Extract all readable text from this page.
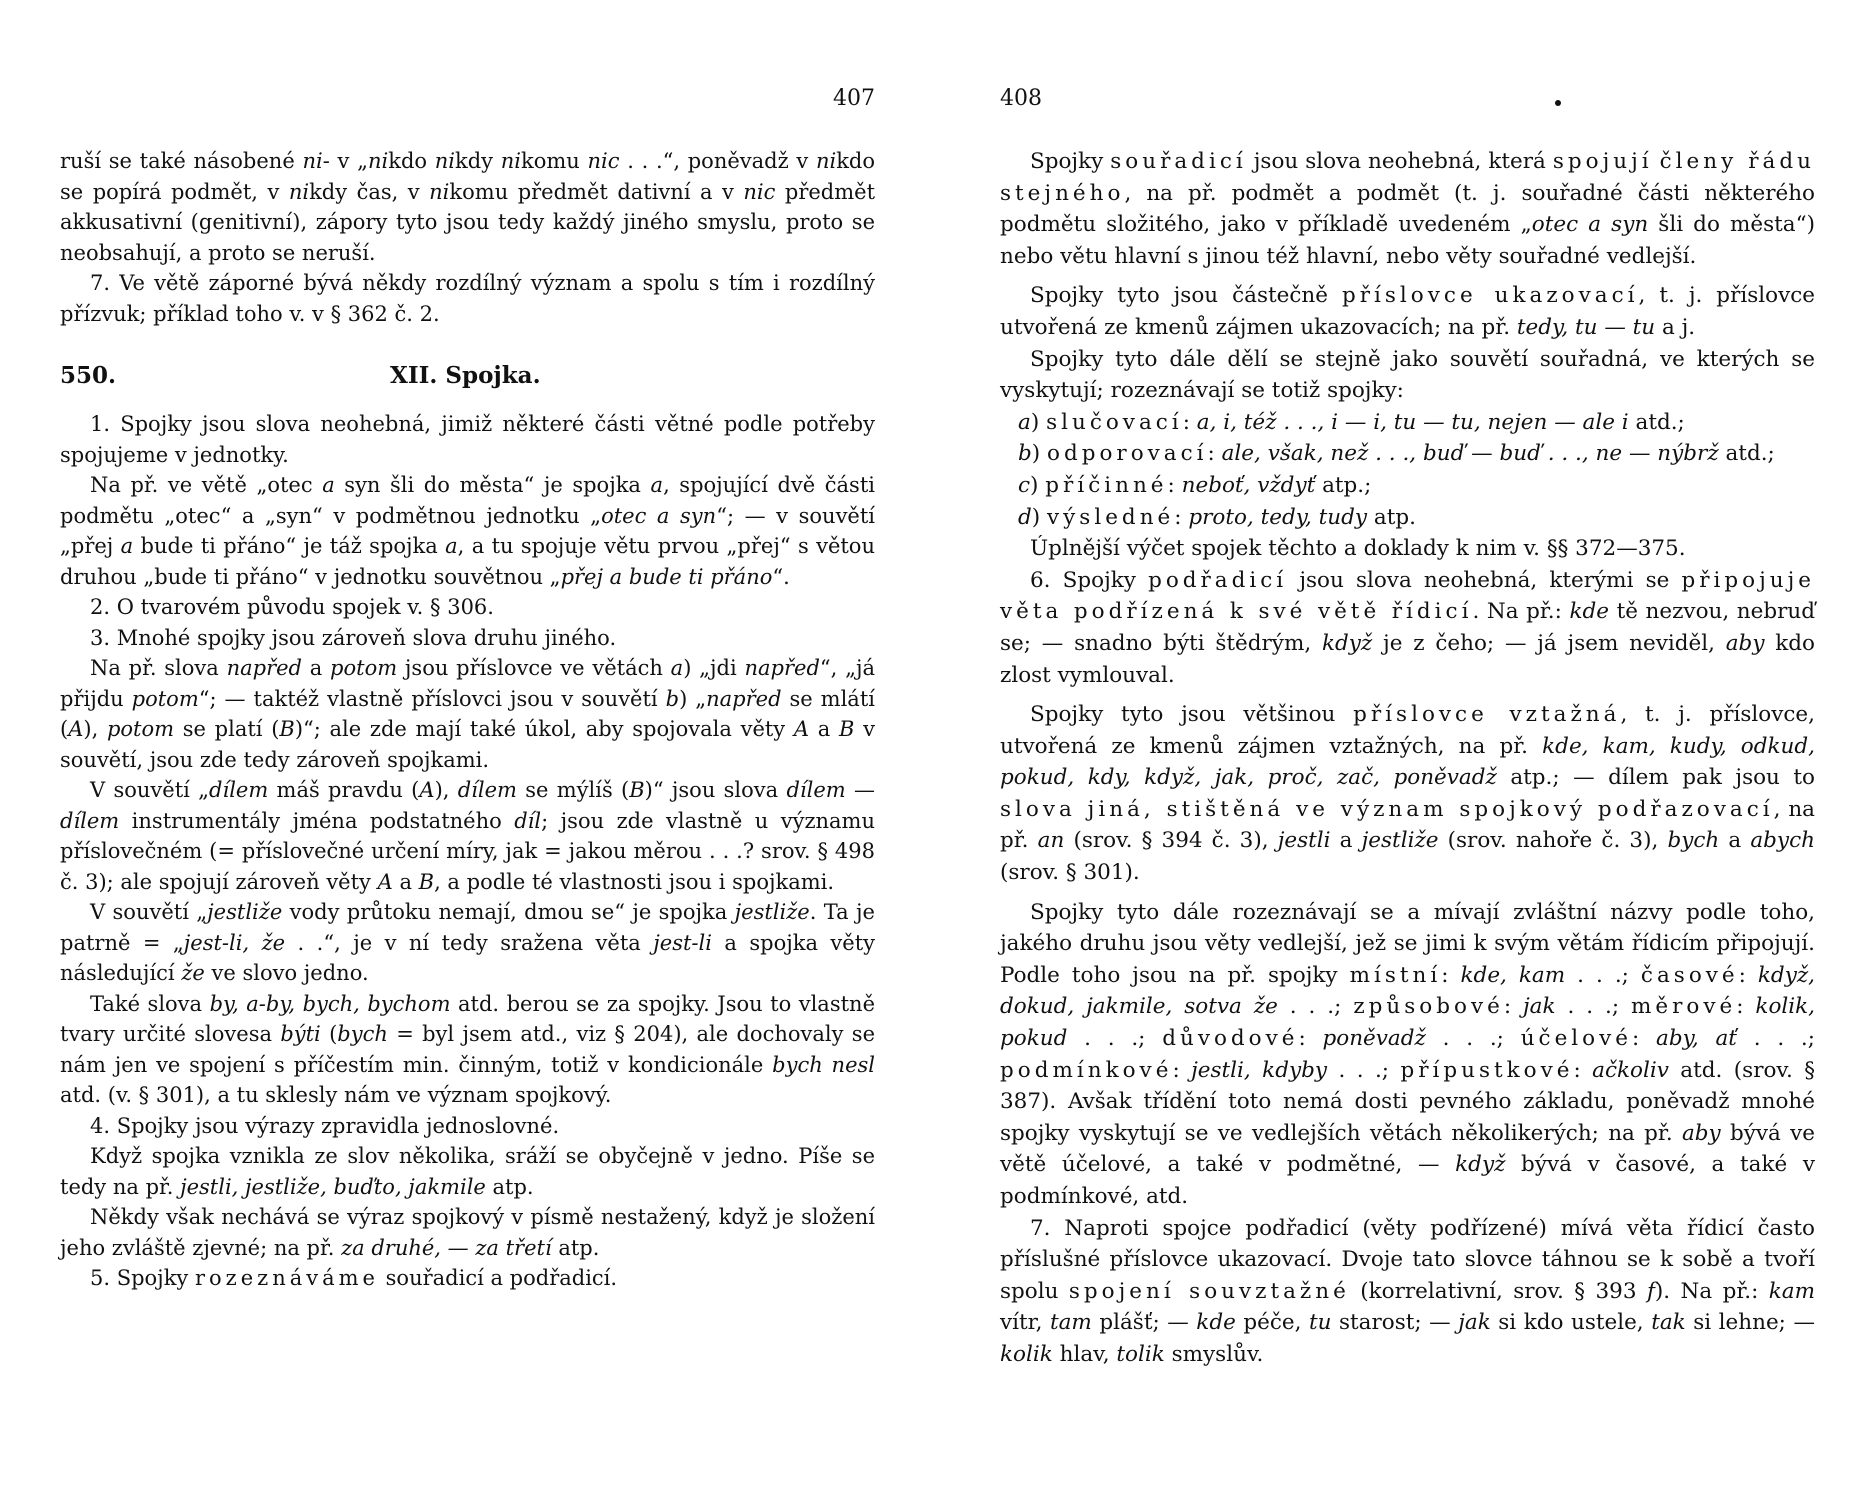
407

ruší se také násobené ni- v „nikdo nikdy nikomu nic . . .“, poněvadž v nikdo se popírá podmět, v nikdy čas, v nikomu předmět dativní a v nic předmět akkusativní (genitivní), zápory tyto jsou tedy každý jiného smyslu, proto se neobsahují, a proto se neruší.

7. Ve větě záporné bývá někdy rozdílný význam a spolu s tím i rozdílný přízvuk; příklad toho v. v § 362 č. 2.

550.	XII. Spojka.

1. Spojky jsou slova neohebná, jimiž některé části větné podle potřeby spojujeme v jednotky.

Na př. ve větě „otec a syn šli do města“ je spojka a, spojující dvě části podmětu „otec“ a „syn“ v podmětnou jednotku „otec a syn“; — v souvětí „přej a bude ti přáno“ je táž spojka a, a tu spojuje větu prvou „přej“ s větou druhou „bude ti přáno“ v jednotku souvětnou „přej a bude ti přáno“.

2. O tvarovém původu spojek v. § 306.

3. Mnohé spojky jsou zároveň slova druhu jiného.

Na př. slova napřed a potom jsou příslovce ve větách a) „jdi napřed“, „já přijdu potom“; — taktéž vlastně příslovci jsou v souvětí b) „napřed se mlátí (A), potom se platí (B)“; ale zde mají také úkol, aby spojovala věty A a B v souvětí, jsou zde tedy zároveň spojkami.

V souvětí „dílem máš pravdu (A), dílem se mýlíš (B)“ jsou slova dílem — dílem instrumentály jména podstatného díl; jsou zde vlastně u významu příslovečném (= příslovečné určení míry, jak = jakou měrou . . .? srov. § 498 č. 3); ale spojují zároveň věty A a B, a podle té vlastnosti jsou i spojkami.

V souvětí „jestliže vody průtoku nemají, dmou se“ je spojka jestliže. Ta je patrně = „jest-li, že . .“, je v ní tedy sražena věta jest-li a spojka věty následující že ve slovo jedno.

Také slova by, a-by, bych, bychom atd. berou se za spojky. Jsou to vlastně tvary určité slovesa býti (bych = byl jsem atd., viz § 204), ale dochovaly se nám jen ve spojení s příčestím min. činným, totiž v kondicionále bych nesl atd. (v. § 301), a tu sklesly nám ve význam spojkový.

4. Spojky jsou výrazy zpravidla jednoslovné.

Když spojka vznikla ze slov několika, sráží se obyčejně v jedno. Píše se tedy na př. jestli, jestliže, buďto, jakmile atp.

Někdy však nechává se výraz spojkový v písmě nestažený, když je složení jeho zvláště zjevné; na př. za druhé, — za třetí atp.

5. Spojky rozeznáváme souřadicí a podřadicí.

408

Spojky souřadicí jsou slova neohebná, která spojují členy řádu stejného, na př. podmět a podmět (t. j. souřadné části některého podmětu složitého, jako v příkladě uvedeném „otec a syn šli do města“) nebo větu hlavní s jinou též hlavní, nebo věty souřadné vedlejší.

Spojky tyto jsou částečně příslovce ukazovací, t. j. příslovce utvořená ze kmenů zájmen ukazovacích; na př. tedy, tu — tu a j.

Spojky tyto dále dělí se stejně jako souvětí souřadná, ve kterých se vyskytují; rozeznávají se totiž spojky:

a) slučovací: a, i, též . . ., i — i, tu — tu, nejen — ale i atd.;

b) odporovací: ale, však, než . . ., buď — buď . . ., ne — nýbrž atd.;

c) příčinné: neboť, vždyť atp.;

d) výsledné: proto, tedy, tudy atp.

Úplnější výčet spojek těchto a doklady k nim v. §§ 372—375.

6. Spojky podřadicí jsou slova neohebná, kterými se připojuje věta podřízená k své větě řídicí. Na př.: kde tě nezvou, nebruď se; — snadno býti štědrým, když je z čeho; — já jsem neviděl, aby kdo zlost vymlouval.

Spojky tyto jsou většinou příslovce vztažná, t. j. příslovce, utvořená ze kmenů zájmen vztažných, na př. kde, kam, kudy, odkud, pokud, kdy, když, jak, proč, zač, poněvadž atp.; — dílem pak jsou to slova jiná, stištěná ve význam spojkový podřazovací, na př. an (srov. § 394 č. 3), jestli a jestliže (srov. nahoře č. 3), bych a abych (srov. § 301).

Spojky tyto dále rozeznávají se a mívají zvláštní názvy podle toho, jakého druhu jsou věty vedlejší, jež se jimi k svým větám řídicím připojují. Podle toho jsou na př. spojky místní: kde, kam . . .; časové: když, dokud, jakmile, sotva že . . .; způsobové: jak . . .; měrové: kolik, pokud . . .; důvodové: poněvadž . . .; účelové: aby, ať . . .; podmínkové: jestli, kdyby . . .; přípustkové: ačkoliv atd. (srov. § 387). Avšak třídění toto nemá dosti pevného základu, poněvadž mnohé spojky vyskytují se ve vedlejších větách několikerých; na př. aby bývá ve větě účelové, a také v podmětné, — když bývá v časové, a také v podmínkové, atd.

7. Naproti spojce podřadicí (věty podřízené) mívá věta řídicí často příslušné příslovce ukazovací. Dvoje tato slovce táhnou se k sobě a tvoří spolu spojení souvztažné (korrelativní, srov. § 393 f). Na př.: kam vítr, tam plášť; — kde péče, tu starost; — jak si kdo ustele, tak si lehne; — kolik hlav, tolik smyslův.
